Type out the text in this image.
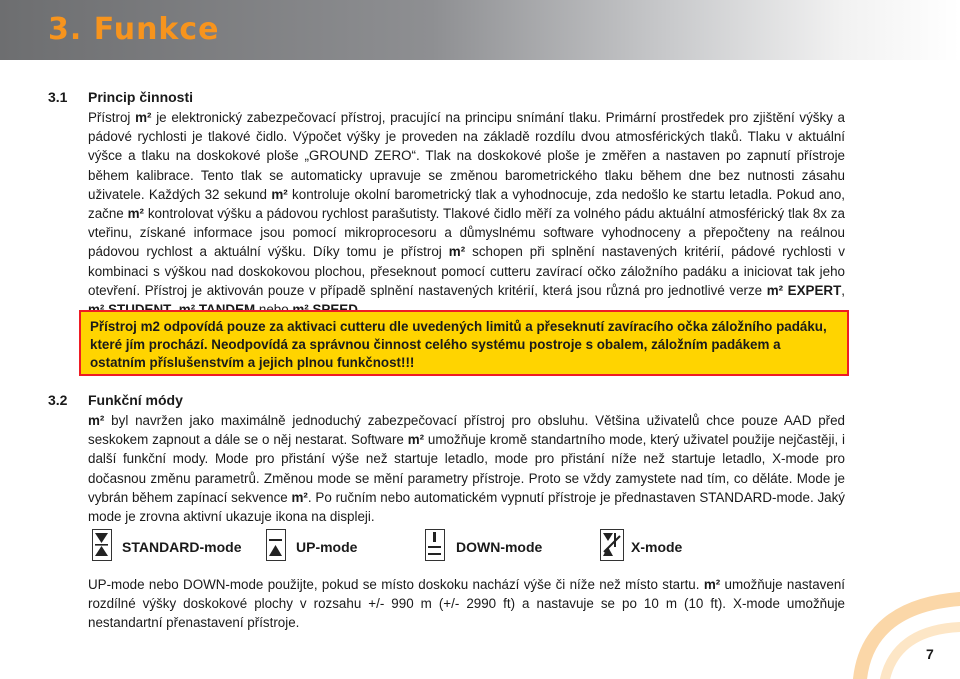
3. Funkce
3.1 Princip činnosti

Přístroj m² je elektronický zabezpečovací přístroj, pracující na principu snímání tlaku. Primární prostředek pro zjištění výšky a pádové rychlosti je tlakové čidlo. Výpočet výšky je proveden na základě rozdílu dvou atmosférických tlaků. Tlaku v aktuální výšce a tlaku na doskokové ploše „GROUND ZERO“. Tlak na doskokové ploše je změřen a nastaven po zapnutí přístroje během kalibrace. Tento tlak se automaticky upravuje se změnou barometrického tlaku během dne bez nutnosti zásahu uživatele. Každých 32 sekund m² kontroluje okolní barometrický tlak a vyhodnocuje, zda nedošlo ke startu letadla. Pokud ano, začne m² kontrolovat výšku a pádovou rychlost parašutisty. Tlakové čidlo měří za volného pádu aktuální atmosférický tlak 8x za vteřinu, získané informace jsou pomocí mikroprocesoru a důmyslnému software vyhodnoceny a přepočteny na reálnou pádovou rychlost a aktuální výšku. Díky tomu je přístroj m² schopen při splnění nastavených kritérií, pádové rychlosti v kombinaci s výškou nad doskokovou plochou, přeseknout pomocí cutteru zavírací očko záložního padáku a iniciovat tak jeho otevření. Přístroj je aktivován pouze v případě splnění nastavených kritérií, která jsou různá pro jednotlivé verze m² EXPERT,

Přístroj m2 odpovídá pouze za aktivaci cutteru dle uvedených limitů a přeseknutí zavíracího očka záložního padáku, které jím prochází. Neodpovídá za správnou činnost celého systému postroje s obalem, záložním padákem a ostatním příslušenstvím a jejich plnou funkčnost!!!
3.2 Funkční módy

m² byl navržen jako maximálně jednoduchý zabezpečovací přístroj pro obsluhu. Většina uživatelů chce pouze AAD před seskokem zapnout a dále se o něj nestarat. Software m² umožňuje kromě standartního mode, který uživatel použije nejčastěji, i další funkční mody. Mode pro přistání výše než startuje letadlo, mode pro přistání níže než startuje letadlo, X-mode pro dočasnou změnu parametrů. Změnou mode se mění parametry přístroje. Proto se vždy zamystete nad tím, co děláte. Mode je vybrán během zapínací sekvence m². Po ručním nebo automatickém vypnutí přístroje je přednastaven STANDARD-mode. Jaký mode je zrovna aktivní ukazuje ikona na displeji.

STANDARD-mode	UP-mode	DOWN-mode	X-mode

UP-mode nebo DOWN-mode použijte, pokud se místo doskoku nachází výše či níže než místo startu. m² umožňuje nastavení rozdílné výšky doskokové plochy v rozsahu +/- 990 m (+/- 2990 ft) a nastavuje se po 10 m (10 ft). X-mode umožňuje nestandartní přenastavení přístroje.

7
